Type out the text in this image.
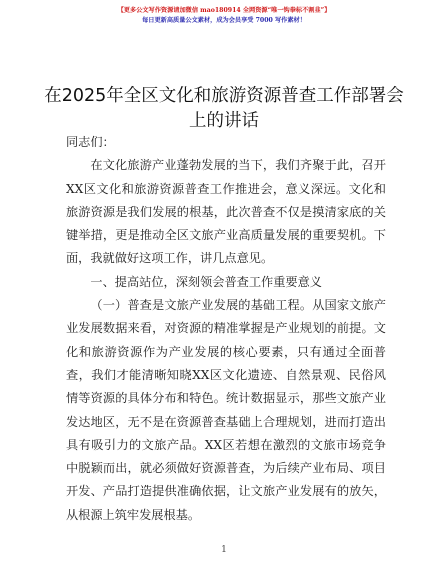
【更多公文写作资源请加微信 mao180914 全网资源“唯一钩拳标不割韭”】
每日更新高质量公文素材，成为会员享受 7000 写作素材！
在2025年全区文化和旅游资源普查工作部署会上的讲话

同志们：

在文化旅游产业蓬勃发展的当下，我们齐聚于此，召开XX区文化和旅游资源普查工作推进会，意义深远。文化和旅游资源是我们发展的根基，此次普查不仅是摸清家底的关键举措，更是推动全区文旅产业高质量发展的重要契机。下面，我就做好这项工作，讲几点意见。

一、提高站位，深刻领会普查工作重要意义

（一）普查是文旅产业发展的基础工程。从国家文旅产业发展数据来看，对资源的精准掌握是产业规划的前提。文化和旅游资源作为产业发展的核心要素，只有通过全面普查，我们才能清晰知晓XX区文化遗迹、自然景观、民俗风情等资源的具体分布和特色。统计数据显示，那些文旅产业发达地区，无不是在资源普查基础上合理规划，进而打造出具有吸引力的文旅产品。XX区若想在激烈的文旅市场竞争中脱颖而出，就必须做好资源普查，为后续产业布局、项目开发、产品打造提供准确依据，让文旅产业发展有的放矢，从根源上筑牢发展根基。

1
